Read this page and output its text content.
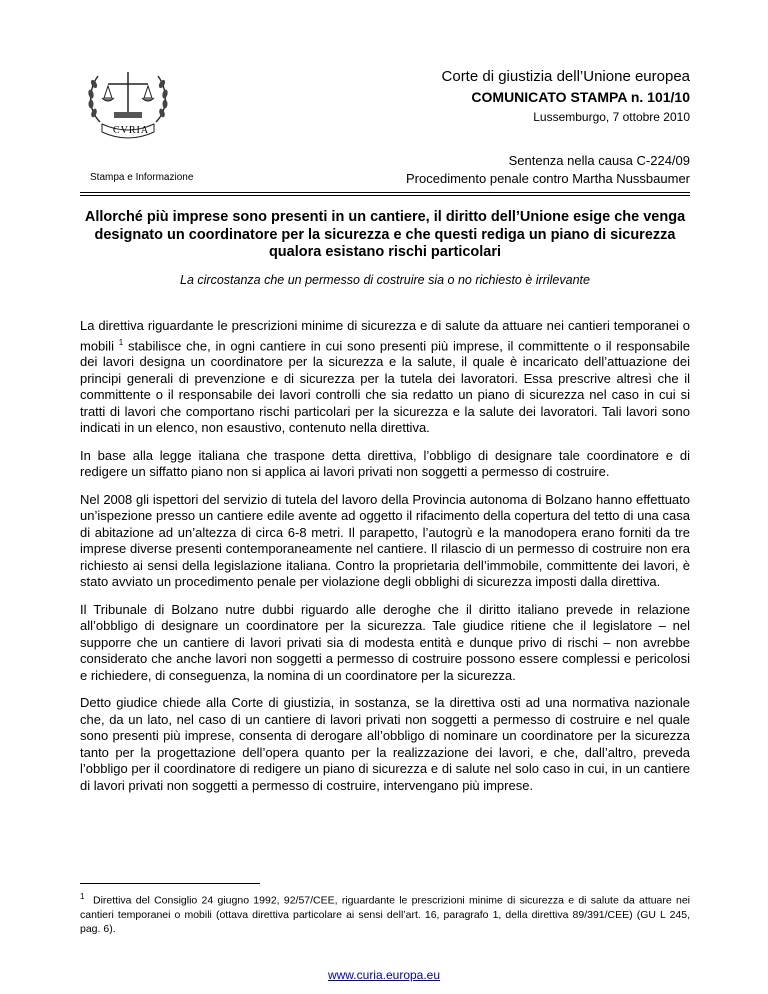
CVRIA
Stampa e Informazione
Corte di giustizia dell’Unione europea
COMUNICATO STAMPA n. 101/10
Lussemburgo, 7 ottobre 2010
Sentenza nella causa C-224/09
Procedimento penale contro Martha Nussbaumer
Allorché più imprese sono presenti in un cantiere, il diritto dell’Unione esige che venga designato un coordinatore per la sicurezza e che questi rediga un piano di sicurezza qualora esistano rischi particolari
La circostanza che un permesso di costruire sia o no richiesto è irrilevante

La direttiva riguardante le prescrizioni minime di sicurezza e di salute da attuare nei cantieri temporanei o mobili $^1$ stabilisce che, in ogni cantiere in cui sono presenti più imprese, il committente o il responsabile dei lavori designa un coordinatore per la sicurezza e la salute, il quale è incaricato dell’attuazione dei principi generali di prevenzione e di sicurezza per la tutela dei lavoratori. Essa prescrive altresì che il committente o il responsabile dei lavori controlli che sia redatto un piano di sicurezza nel caso in cui si tratti di lavori che comportano rischi particolari per la sicurezza e la salute dei lavoratori. Tali lavori sono indicati in un elenco, non esaustivo, contenuto nella direttiva.

In base alla legge italiana che traspone detta direttiva, l’obbligo di designare tale coordinatore e di redigere un siffatto piano non si applica ai lavori privati non soggetti a permesso di costruire.

Nel 2008 gli ispettori del servizio di tutela del lavoro della Provincia autonoma di Bolzano hanno effettuato un’ispezione presso un cantiere edile avente ad oggetto il rifacimento della copertura del tetto di una casa di abitazione ad un’altezza di circa 6-8 metri. Il parapetto, l’autogrù e la manodopera erano forniti da tre imprese diverse presenti contemporaneamente nel cantiere. Il rilascio di un permesso di costruire non era richiesto ai sensi della legislazione italiana. Contro la proprietaria dell’immobile, committente dei lavori, è stato avviato un procedimento penale per violazione degli obblighi di sicurezza imposti dalla direttiva.

Il Tribunale di Bolzano nutre dubbi riguardo alle deroghe che il diritto italiano prevede in relazione all’obbligo di designare un coordinatore per la sicurezza. Tale giudice ritiene che il legislatore – nel supporre che un cantiere di lavori privati sia di modesta entità e dunque privo di rischi – non avrebbe considerato che anche lavori non soggetti a permesso di costruire possono essere complessi e pericolosi e richiedere, di conseguenza, la nomina di un coordinatore per la sicurezza.

Detto giudice chiede alla Corte di giustizia, in sostanza, se la direttiva osti ad una normativa nazionale che, da un lato, nel caso di un cantiere di lavori privati non soggetti a permesso di costruire e nel quale sono presenti più imprese, consenta di derogare all’obbligo di nominare un coordinatore per la sicurezza tanto per la progettazione dell’opera quanto per la realizzazione dei lavori, e che, dall’altro, preveda l’obbligo per il coordinatore di redigere un piano di sicurezza e di salute nel solo caso in cui, in un cantiere di lavori privati non soggetti a permesso di costruire, intervengano più imprese.

$^1$ Direttiva del Consiglio 24 giugno 1992, 92/57/CEE, riguardante le prescrizioni minime di sicurezza e di salute da attuare nei cantieri temporanei o mobili (ottava direttiva particolare ai sensi dell’art. 16, paragrafo 1, della direttiva 89/391/CEE) (GU L 245, pag. 6).
www.curia.europa.eu
